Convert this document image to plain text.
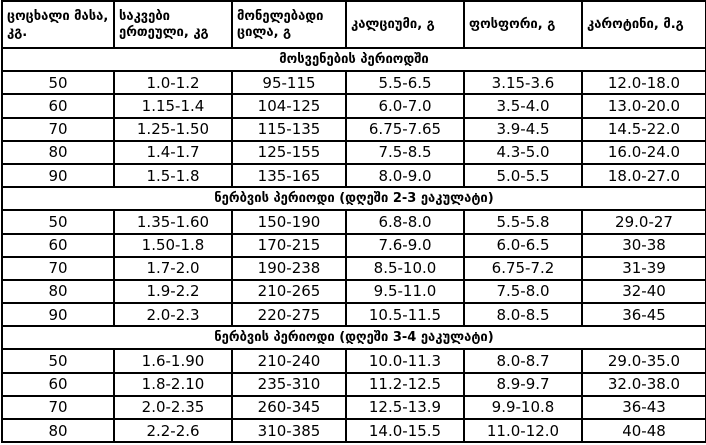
ცოცხალი მასა, კგ.	საკვები ერთეული, კგ	მონელებადი ცილა, გ	კალციუმი, გ	ფოსფორი, გ	კაროტინი, მ.გ
მოსვენების პერიოდში					
50	1.0-1.2	95-115	5.5-6.5	3.15-3.6	12.0-18.0
60	1.15-1.4	104-125	6.0-7.0	3.5-4.0	13.0-20.0
70	1.25-1.50	115-135	6.75-7.65	3.9-4.5	14.5-22.0
80	1.4-1.7	125-155	7.5-8.5	4.3-5.0	16.0-24.0
90	1.5-1.8	135-165	8.0-9.0	5.0-5.5	18.0-27.0
ნერბვის პერიოდი (დღეში 2-3 ეაკულატი)					
50	1.35-1.60	150-190	6.8-8.0	5.5-5.8	29.0-27
60	1.50-1.8	170-215	7.6-9.0	6.0-6.5	30-38
70	1.7-2.0	190-238	8.5-10.0	6.75-7.2	31-39
80	1.9-2.2	210-265	9.5-11.0	7.5-8.0	32-40
90	2.0-2.3	220-275	10.5-11.5	8.0-8.5	36-45
ნერბვის პერიოდი (დღეში 3-4 ეაკულატი)					
50	1.6-1.90	210-240	10.0-11.3	8.0-8.7	29.0-35.0
60	1.8-2.10	235-310	11.2-12.5	8.9-9.7	32.0-38.0
70	2.0-2.35	260-345	12.5-13.9	9.9-10.8	36-43
80	2.2-2.6	310-385	14.0-15.5	11.0-12.0	40-48
